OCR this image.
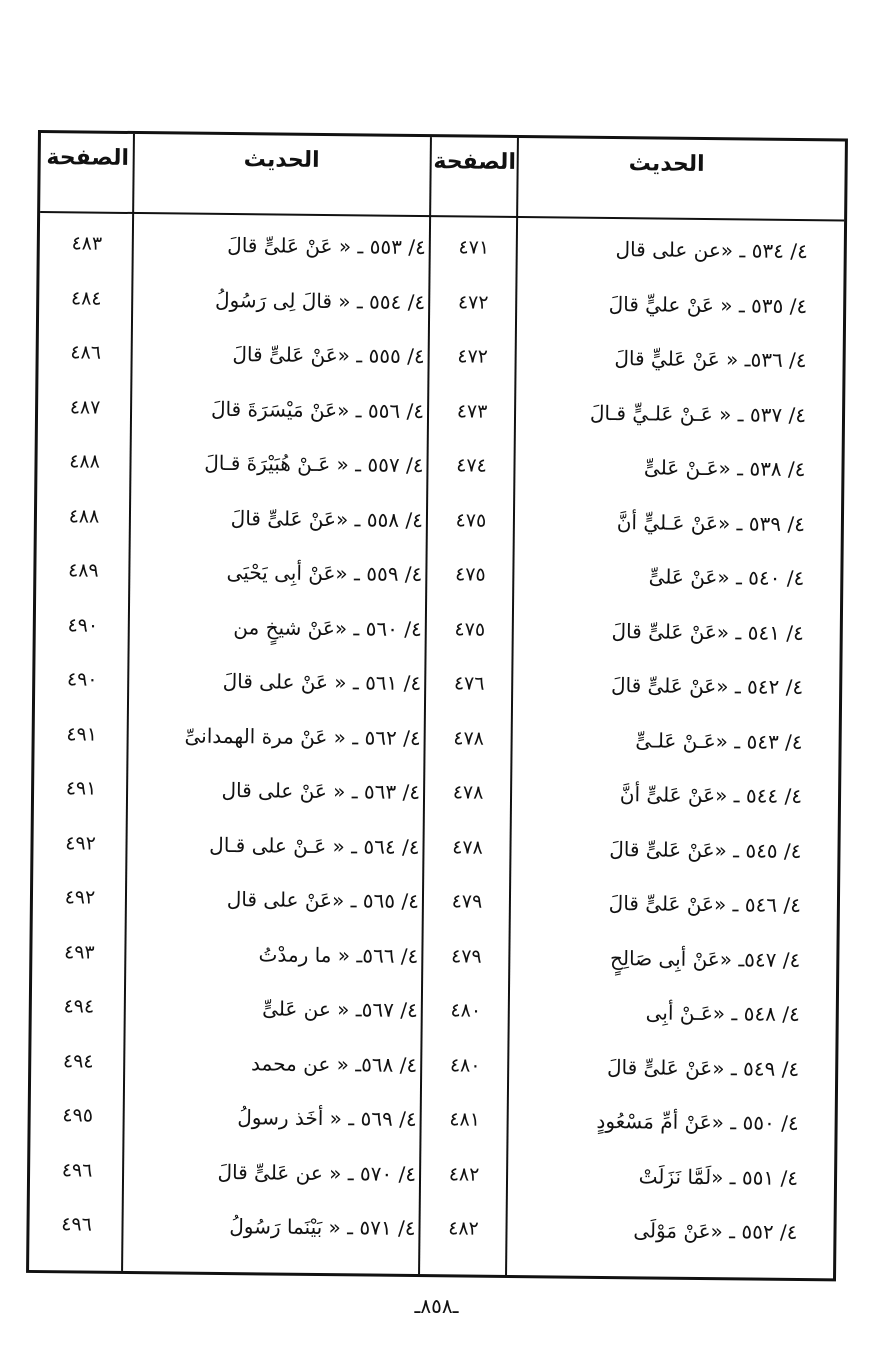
الحديث
الصفحة
الحديث
الصفحة
٤/ ٥٣٤ ـ «عن على قال
٤٧١
٤/ ٥٥٣ ـ « عَنْ عَلىٍّ قالَ
٤٨٣
٤/ ٥٣٥ ـ « عَنْ عليٍّ قالَ
٤٧٢
٤/ ٥٥٤ ـ « قالَ لِى رَسُولُ
٤٨٤
٤/ ٥٣٦ـ « عَنْ عَليٍّ قالَ
٤٧٢
٤/ ٥٥٥ ـ «عَنْ عَلىٍّ قالَ
٤٨٦
٤/ ٥٣٧ ـ « عَـنْ عَلـيٍّ قـالَ
٤٧٣
٤/ ٥٥٦ ـ «عَنْ مَيْسَرَةَ قالَ
٤٨٧
٤/ ٥٣٨ ـ «عَـنْ عَلىٍّ
٤٧٤
٤/ ٥٥٧ ـ « عَـنْ هُبَيْرَةَ قـالَ
٤٨٨
٤/ ٥٣٩ ـ «عَنْ عَـليٍّ أنَّ
٤٧٥
٤/ ٥٥٨ ـ «عَنْ عَلىٍّ قالَ
٤٨٨
٤/ ٥٤٠ ـ «عَنْ عَلىٍّ
٤٧٥
٤/ ٥٥٩ ـ «عَنْ أبِى يَحْيَى
٤٨٩
٤/ ٥٤١ ـ «عَنْ عَلىٍّ قالَ
٤٧٥
٤/ ٥٦٠ ـ «عَنْ شيخٍ من
٤٩٠
٤/ ٥٤٢ ـ «عَنْ عَلىٍّ قالَ
٤٧٦
٤/ ٥٦١ ـ « عَنْ على قالَ
٤٩٠
٤/ ٥٤٣ ـ «عَـنْ عَلـىٍّ
٤٧٨
٤/ ٥٦٢ ـ « عَنْ مرة الهمدانىِّ
٤٩١
٤/ ٥٤٤ ـ «عَنْ عَلىٍّ أنَّ
٤٧٨
٤/ ٥٦٣ ـ « عَنْ على قال
٤٩١
٤/ ٥٤٥ ـ «عَنْ عَلىٍّ قالَ
٤٧٨
٤/ ٥٦٤ ـ « عَـنْ على قـال
٤٩٢
٤/ ٥٤٦ ـ «عَنْ عَلىٍّ قالَ
٤٧٩
٤/ ٥٦٥ ـ «عَنْ على قال
٤٩٢
٤/ ٥٤٧ـ «عَنْ أبِى صَالِحٍ
٤٧٩
٤/ ٥٦٦ـ « ما رمدْتُ
٤٩٣
٤/ ٥٤٨ ـ «عَـنْ أبِى
٤٨٠
٤/ ٥٦٧ـ « عن عَلىٍّ
٤٩٤
٤/ ٥٤٩ ـ «عَنْ عَلىٍّ قالَ
٤٨٠
٤/ ٥٦٨ـ « عن محمد
٤٩٤
٤/ ٥٥٠ ـ «عَنْ أمِّ مَسْعُودٍ
٤٨١
٤/ ٥٦٩ ـ « أخَذ رسولُ
٤٩٥
٤/ ٥٥١ ـ «لَمَّا نَزَلَتْ
٤٨٢
٤/ ٥٧٠ ـ « عن عَلىٍّ قالَ
٤٩٦
٤/ ٥٥٢ ـ «عَنْ مَوْلَى
٤٨٢
٤/ ٥٧١ ـ « بَيْنَما رَسُولُ
٤٩٦
ـ٨٥٨ـ
